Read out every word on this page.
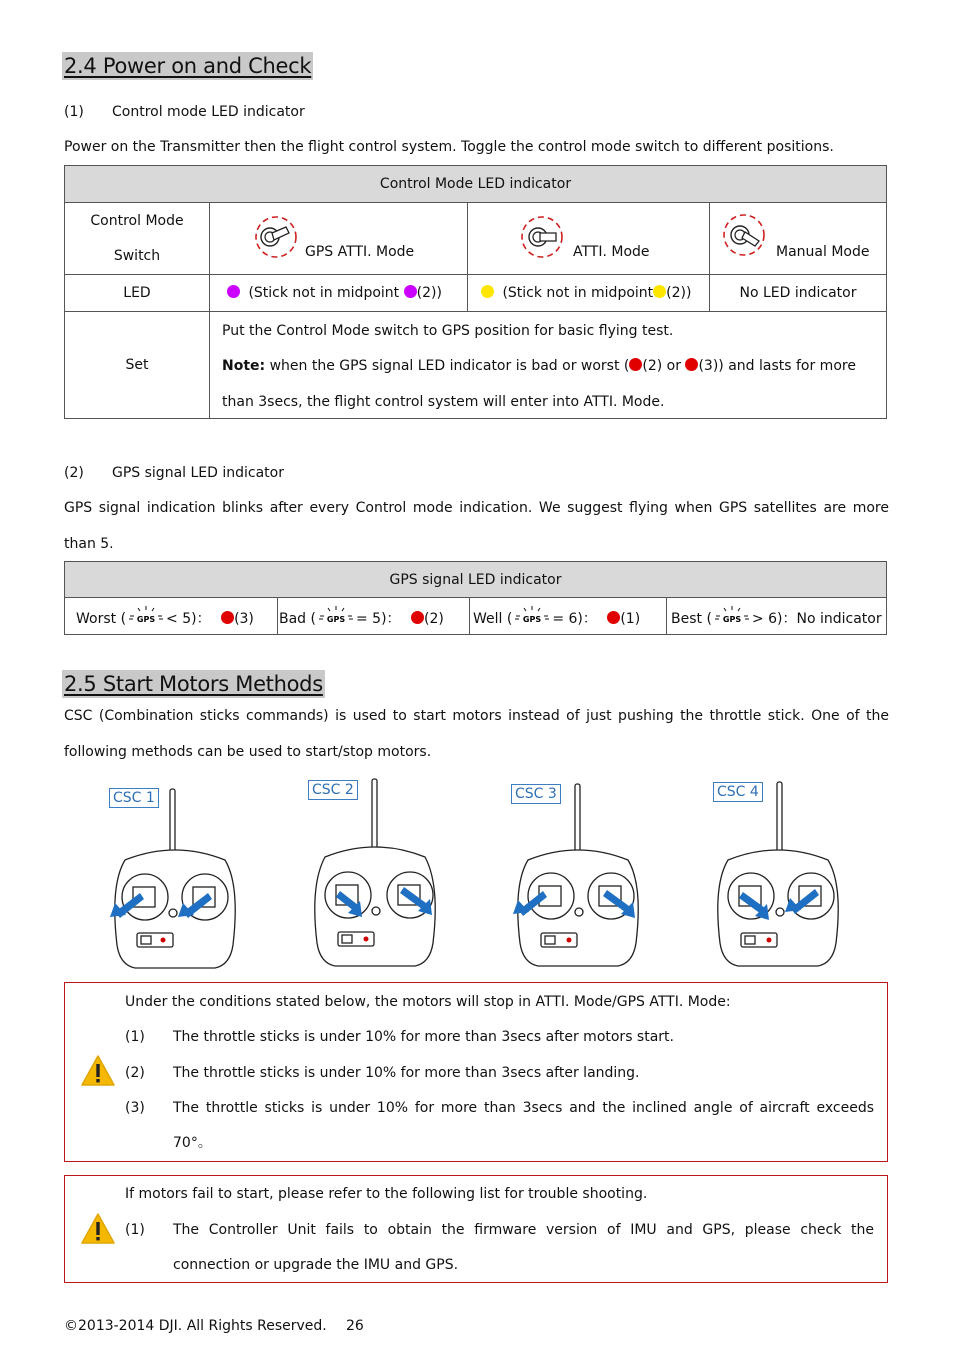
2.4 Power on and Check
(1) Control mode LED indicator
Power on the Transmitter then the flight control system. Toggle the control mode switch to different positions.
Control Mode LED indicator			
Control Mode
Switch	GPS ATTI. Mode	ATTI. Mode	Manual Mode

LED	(Stick not in midpoint (2))	(Stick not in midpoint (2))	No LED indicator
Set	Put the Control Mode switch to GPS position for basic flying test.
Note: when the GPS signal LED indicator is bad or worst ( (2) or (3)) and lasts for more
than 3secs, the flight control system will enter into ATTI. Mode.		
(2) GPS signal LED indicator
GPS signal indication blinks after every Control mode indication. We suggest flying when GPS satellites are more
than 5.
GPS signal LED indicator
Worst ( GPS < 5)： (3)	Bad ( GPS = 5)： (2)	Well ( GPS = 6)： (1)	Best ( GPS > 6)：No indicator
2.5 Start Motors Methods
CSC (Combination sticks commands) is used to start motors instead of just pushing the throttle stick. One of the
following methods can be used to start/stop motors.
CSC 1	CSC 2	CSC 3	CSC 4
Under the conditions stated below, the motors will stop in ATTI. Mode/GPS ATTI. Mode:
(1) The throttle sticks is under 10% for more than 3secs after motors start.
(2) The throttle sticks is under 10% for more than 3secs after landing.
(3) The throttle sticks is under 10% for more than 3secs and the inclined angle of aircraft exceeds
70°。
If motors fail to start, please refer to the following list for trouble shooting.
(1) The Controller Unit fails to obtain the firmware version of IMU and GPS, please check the
connection or upgrade the IMU and GPS.
©2013-2014 DJI. All Rights Reserved. 26
